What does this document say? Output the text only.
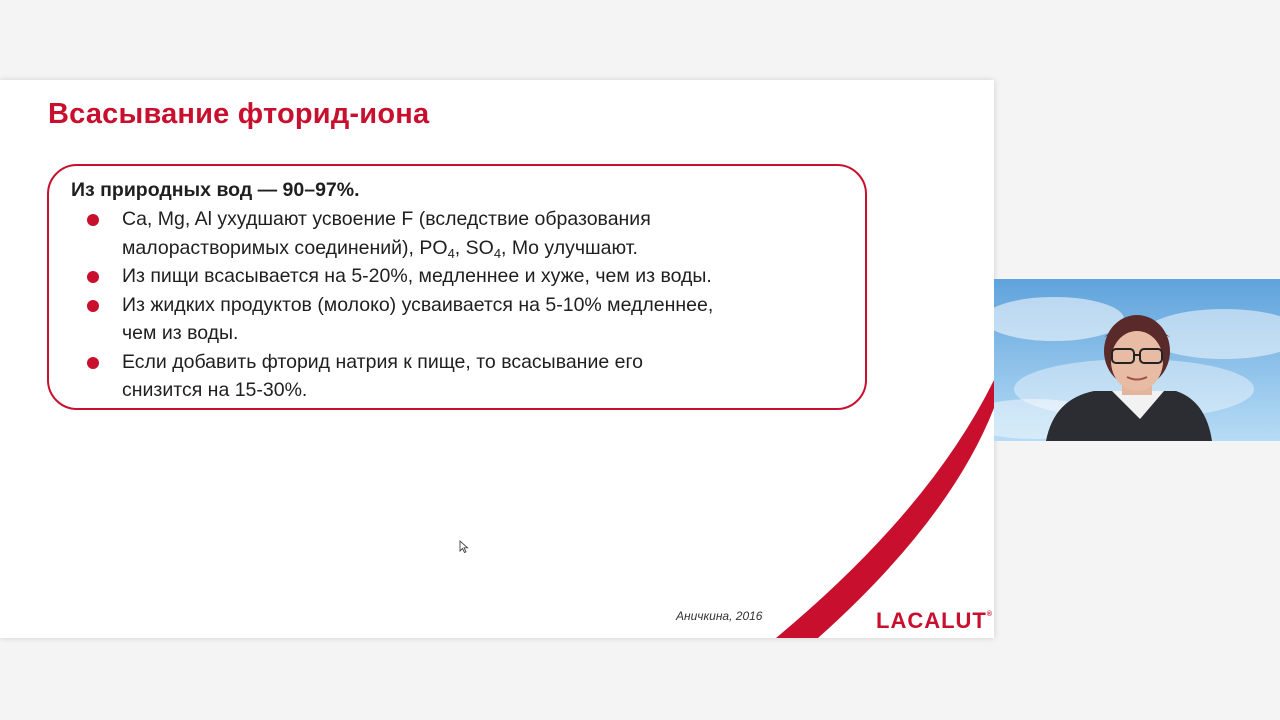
Всасывание фторид-иона
Из природных вод — 90–97%.
Ca, Mg, Al ухудшают усвоение F (вследствие образования
малорастворимых соединений), $PO_4$, $SO_4$, Mo улучшают.
Из пищи всасывается на 5-20%, медленнее и хуже, чем из воды.
Из жидких продуктов (молоко) усваивается на 5-10% медленнее,
чем из воды.
Если добавить фторид натрия к пище, то всасывание его
снизится на 15-30%.
Аничкина, 2016	LACALUT®
